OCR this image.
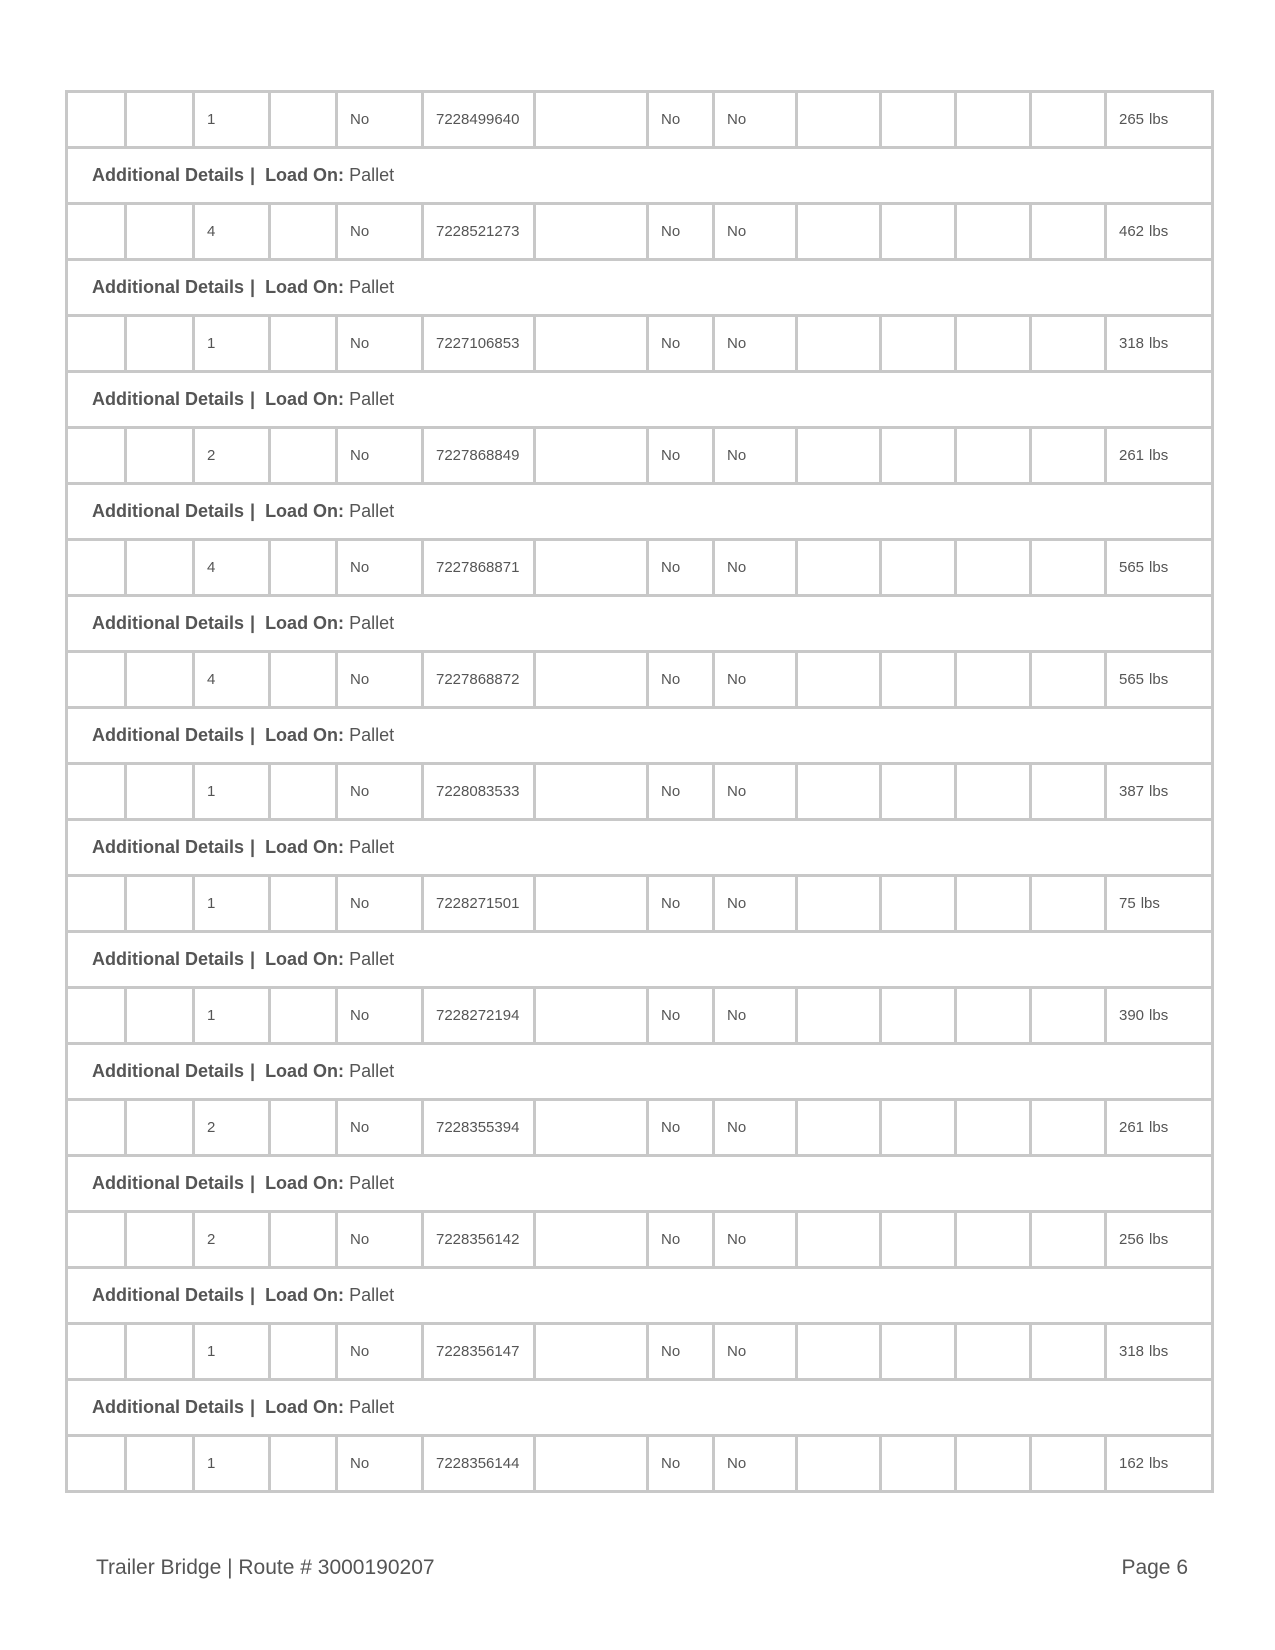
		1		No	7228499640		No	No					265 lbs
Additional Details | Load On: Pallet													
		4		No	7228521273		No	No					462 lbs
Additional Details | Load On: Pallet													
		1		No	7227106853		No	No					318 lbs
Additional Details | Load On: Pallet													
		2		No	7227868849		No	No					261 lbs
Additional Details | Load On: Pallet													
		4		No	7227868871		No	No					565 lbs
Additional Details | Load On: Pallet													
		4		No	7227868872		No	No					565 lbs
Additional Details | Load On: Pallet													
		1		No	7228083533		No	No					387 lbs
Additional Details | Load On: Pallet													
		1		No	7228271501		No	No					75 lbs
Additional Details | Load On: Pallet													
		1		No	7228272194		No	No					390 lbs
Additional Details | Load On: Pallet													
		2		No	7228355394		No	No					261 lbs
Additional Details | Load On: Pallet													
		2		No	7228356142		No	No					256 lbs
Additional Details | Load On: Pallet													
		1		No	7228356147		No	No					318 lbs
Additional Details | Load On: Pallet													
		1		No	7228356144		No	No					162 lbs
Trailer Bridge | Route # 3000190207	Page 6
